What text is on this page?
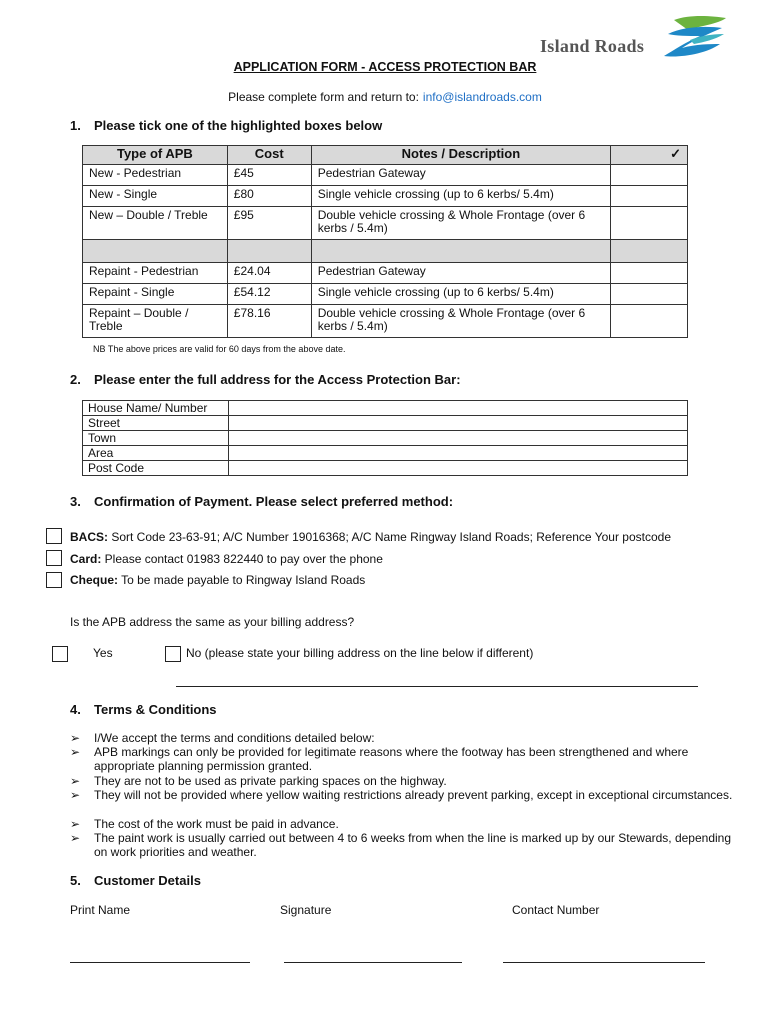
Island Roads
APPLICATION FORM - ACCESS PROTECTION BAR
Please complete form and return to: info@islandroads.com
1. Please tick one of the highlighted boxes below
Type of APB	Cost	Notes / Description	✓
New - Pedestrian	£45	Pedestrian Gateway	
New - Single	£80	Single vehicle crossing (up to 6 kerbs/ 5.4m)	
New – Double / Treble	£95	Double vehicle crossing & Whole Frontage (over 6 kerbs / 5.4m)	

Repaint - Pedestrian	£24.04	Pedestrian Gateway	
Repaint - Single	£54.12	Single vehicle crossing (up to 6 kerbs/ 5.4m)	
Repaint – Double / Treble	£78.16	Double vehicle crossing & Whole Frontage (over 6 kerbs / 5.4m)	
NB The above prices are valid for 60 days from the above date.
2. Please enter the full address for the Access Protection Bar:
House Name/ Number	
Street	
Town	
Area	
Post Code	
3. Confirmation of Payment. Please select preferred method:
BACS: Sort Code 23-63-91; A/C Number 19016368; A/C Name Ringway Island Roads; Reference Your postcode
Card: Please contact 01983 822440 to pay over the phone
Cheque: To be made payable to Ringway Island Roads
Is the APB address the same as your billing address?
Yes	No (please state your billing address on the line below if different)
4. Terms & Conditions
➢	I/We accept the terms and conditions detailed below:
➢	APB markings can only be provided for legitimate reasons where the footway has been strengthened and where appropriate planning permission granted.
➢	They are not to be used as private parking spaces on the highway.
➢	They will not be provided where yellow waiting restrictions already prevent parking, except in exceptional circumstances.
➢	The cost of the work must be paid in advance.
➢	The paint work is usually carried out between 4 to 6 weeks from when the line is marked up by our Stewards, depending on work priorities and weather.
5. Customer Details
Print Name	Signature	Contact Number
